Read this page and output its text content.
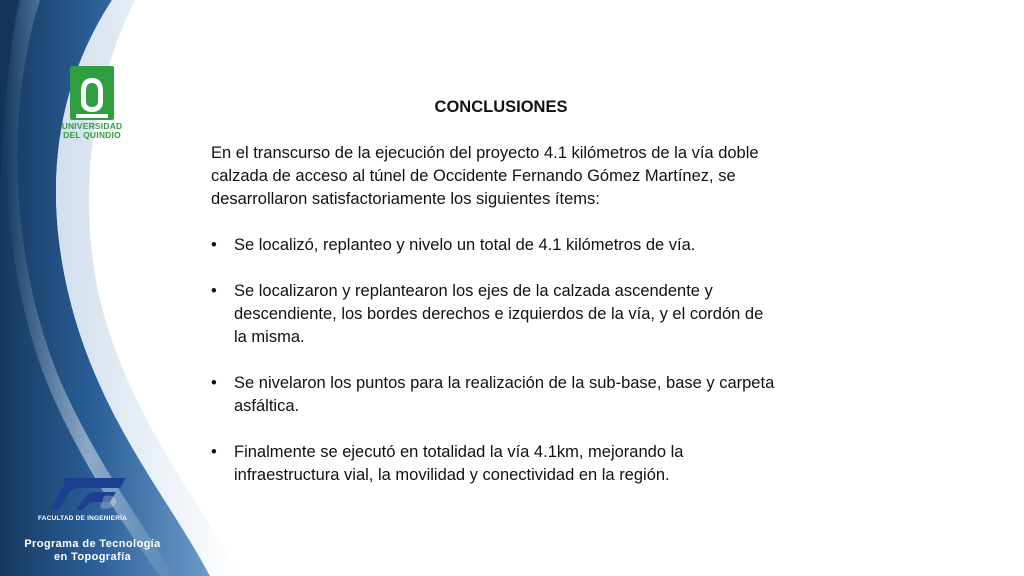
UNIVERSIDAD
DEL QUINDIO
FACULTAD DE INGENIERÍA
Programa de Tecnología
en Topografía
CONCLUSIONES

En el transcurso de la ejecución del proyecto 4.1 kilómetros de la vía doble calzada de acceso al túnel de Occidente Fernando Gómez Martínez, se desarrollaron satisfactoriamente los siguientes ítems:

• Se localizó, replanteo y nivelo un total de 4.1 kilómetros de vía.
• Se localizaron y replantearon los ejes de la calzada ascendente y descendiente, los bordes derechos e izquierdos de la vía, y el cordón de la misma.
• Se nivelaron los puntos para la realización de la sub-base, base y carpeta asfáltica.
• Finalmente se ejecutó en totalidad la vía 4.1km, mejorando la infraestructura vial, la movilidad y conectividad en la región.
